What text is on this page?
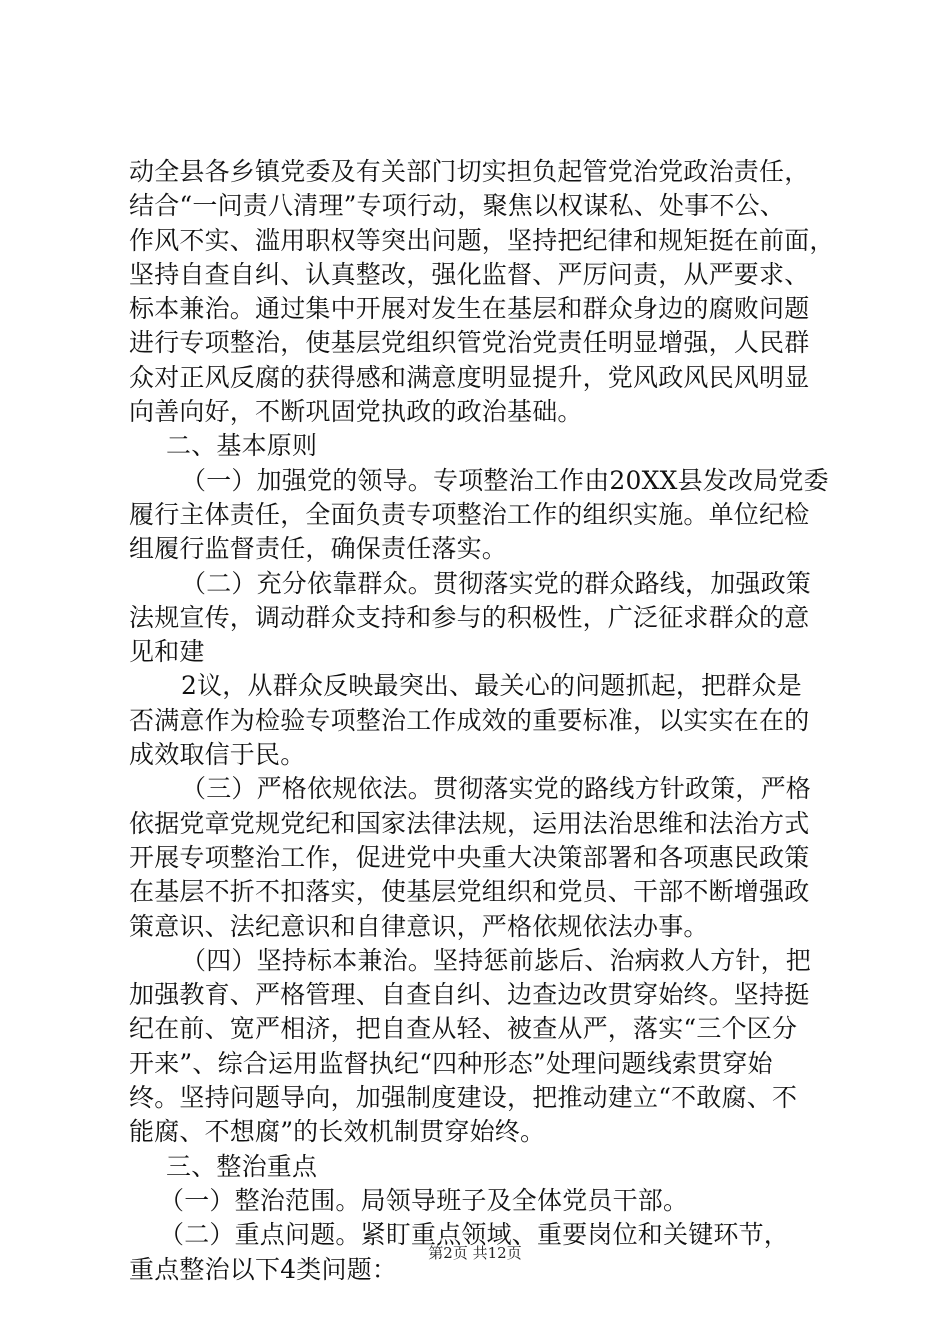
动全县各乡镇党委及有关部门切实担负起管党治党政治责任，
结合“一问责八清理”专项行动，聚焦以权谋私、处事不公、
作风不实、滥用职权等突出问题，坚持把纪律和规矩挺在前面，
坚持自查自纠、认真整改，强化监督、严厉问责，从严要求、
标本兼治。通过集中开展对发生在基层和群众身边的腐败问题
进行专项整治，使基层党组织管党治党责任明显增强，人民群
众对正风反腐的获得感和满意度明显提升，党风政风民风明显
向善向好，不断巩固党执政的政治基础。
二、基本原则
（一）加强党的领导。专项整治工作由20XX县发改局党委
履行主体责任，全面负责专项整治工作的组织实施。单位纪检
组履行监督责任，确保责任落实。
（二）充分依靠群众。贯彻落实党的群众路线，加强政策
法规宣传，调动群众支持和参与的积极性，广泛征求群众的意
见和建
2议，从群众反映最突出、最关心的问题抓起，把群众是
否满意作为检验专项整治工作成效的重要标准，以实实在在的
成效取信于民。
（三）严格依规依法。贯彻落实党的路线方针政策，严格
依据党章党规党纪和国家法律法规，运用法治思维和法治方式
开展专项整治工作，促进党中央重大决策部署和各项惠民政策
在基层不折不扣落实，使基层党组织和党员、干部不断增强政
策意识、法纪意识和自律意识，严格依规依法办事。
（四）坚持标本兼治。坚持惩前毖后、治病救人方针，把
加强教育、严格管理、自查自纠、边查边改贯穿始终。坚持挺
纪在前、宽严相济，把自查从轻、被查从严，落实“三个区分
开来”、综合运用监督执纪“四种形态”处理问题线索贯穿始
终。坚持问题导向，加强制度建设，把推动建立“不敢腐、不
能腐、不想腐”的长效机制贯穿始终。
三、整治重点
（一）整治范围。局领导班子及全体党员干部。
（二）重点问题。紧盯重点领域、重要岗位和关键环节，
重点整治以下4类问题：
第2页 共12页
